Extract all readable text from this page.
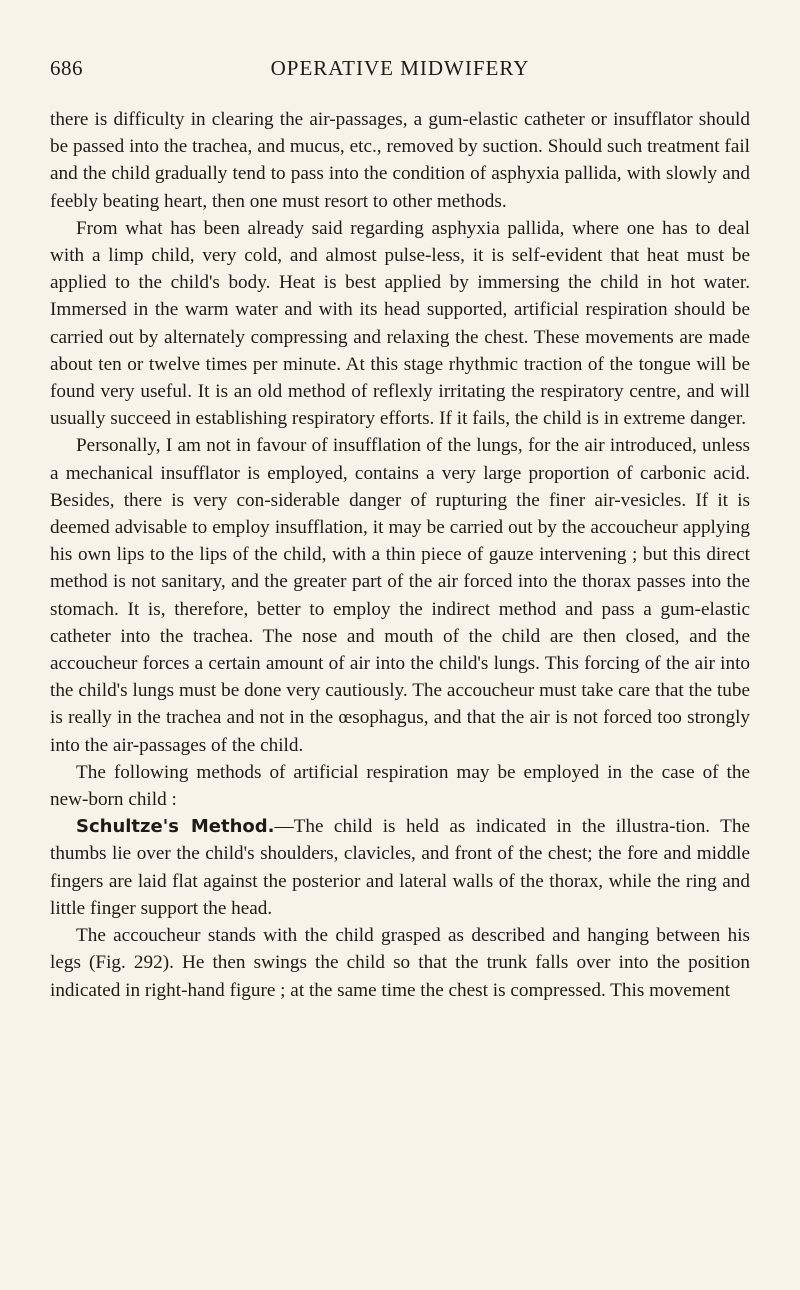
686	OPERATIVE MIDWIFERY

there is difficulty in clearing the air-passages, a gum-elastic catheter or insufflator should be passed into the trachea, and mucus, etc., removed by suction. Should such treatment fail and the child gradually tend to pass into the condition of asphyxia pallida, with slowly and feebly beating heart, then one must resort to other methods.

From what has been already said regarding asphyxia pallida, where one has to deal with a limp child, very cold, and almost pulse-less, it is self-evident that heat must be applied to the child's body. Heat is best applied by immersing the child in hot water. Immersed in the warm water and with its head supported, artificial respiration should be carried out by alternately compressing and relaxing the chest. These movements are made about ten or twelve times per minute. At this stage rhythmic traction of the tongue will be found very useful. It is an old method of reflexly irritating the respiratory centre, and will usually succeed in establishing respiratory efforts. If it fails, the child is in extreme danger.

Personally, I am not in favour of insufflation of the lungs, for the air introduced, unless a mechanical insufflator is employed, contains a very large proportion of carbonic acid. Besides, there is very con-siderable danger of rupturing the finer air-vesicles. If it is deemed advisable to employ insufflation, it may be carried out by the accoucheur applying his own lips to the lips of the child, with a thin piece of gauze intervening ; but this direct method is not sanitary, and the greater part of the air forced into the thorax passes into the stomach. It is, therefore, better to employ the indirect method and pass a gum-elastic catheter into the trachea. The nose and mouth of the child are then closed, and the accoucheur forces a certain amount of air into the child's lungs. This forcing of the air into the child's lungs must be done very cautiously. The accoucheur must take care that the tube is really in the trachea and not in the œsophagus, and that the air is not forced too strongly into the air-passages of the child.

The following methods of artificial respiration may be employed in the case of the new-born child :

Schultze's Method.—The child is held as indicated in the illustra-tion. The thumbs lie over the child's shoulders, clavicles, and front of the chest; the fore and middle fingers are laid flat against the posterior and lateral walls of the thorax, while the ring and little finger support the head.

The accoucheur stands with the child grasped as described and hanging between his legs (Fig. 292). He then swings the child so that the trunk falls over into the position indicated in right-hand figure ; at the same time the chest is compressed. This movement
